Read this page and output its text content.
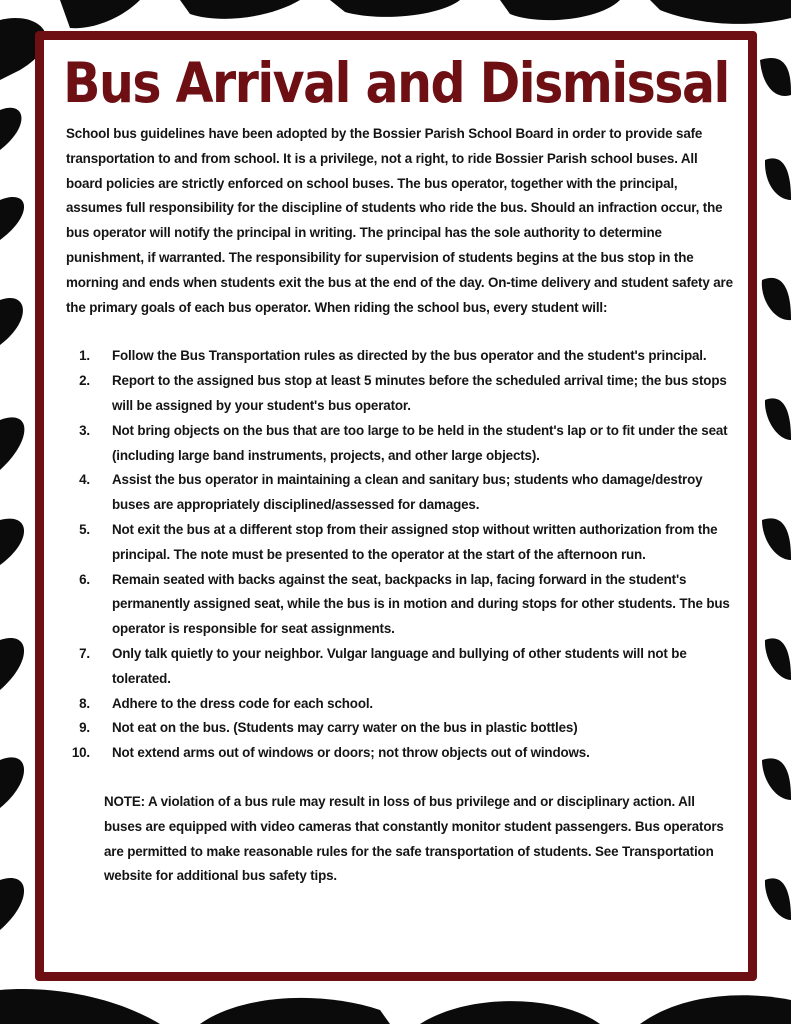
Bus Arrival and Dismissal

School bus guidelines have been adopted by the Bossier Parish School Board in order to provide safe transportation to and from school. It is a privilege, not a right, to ride Bossier Parish school buses. All board policies are strictly enforced on school buses. The bus operator, together with the principal, assumes full responsibility for the discipline of students who ride the bus. Should an infraction occur, the bus operator will notify the principal in writing. The principal has the sole authority to determine punishment, if warranted. The responsibility for supervision of students begins at the bus stop in the morning and ends when students exit the bus at the end of the day. On-time delivery and student safety are the primary goals of each bus operator. When riding the school bus, every student will:

1. Follow the Bus Transportation rules as directed by the bus operator and the student's principal.
2. Report to the assigned bus stop at least 5 minutes before the scheduled arrival time; the bus stops will be assigned by your student's bus operator.
3. Not bring objects on the bus that are too large to be held in the student's lap or to fit under the seat (including large band instruments, projects, and other large objects).
4. Assist the bus operator in maintaining a clean and sanitary bus; students who damage/destroy buses are appropriately disciplined/assessed for damages.
5. Not exit the bus at a different stop from their assigned stop without written authorization from the principal. The note must be presented to the operator at the start of the afternoon run.
6. Remain seated with backs against the seat, backpacks in lap, facing forward in the student's permanently assigned seat, while the bus is in motion and during stops for other students. The bus operator is responsible for seat assignments.
7. Only talk quietly to your neighbor. Vulgar language and bullying of other students will not be tolerated.
8. Adhere to the dress code for each school.
9. Not eat on the bus. (Students may carry water on the bus in plastic bottles)
10. Not extend arms out of windows or doors; not throw objects out of windows.

NOTE: A violation of a bus rule may result in loss of bus privilege and or disciplinary action. All buses are equipped with video cameras that constantly monitor student passengers. Bus operators are permitted to make reasonable rules for the safe transportation of students. See Transportation website for additional bus safety tips.
